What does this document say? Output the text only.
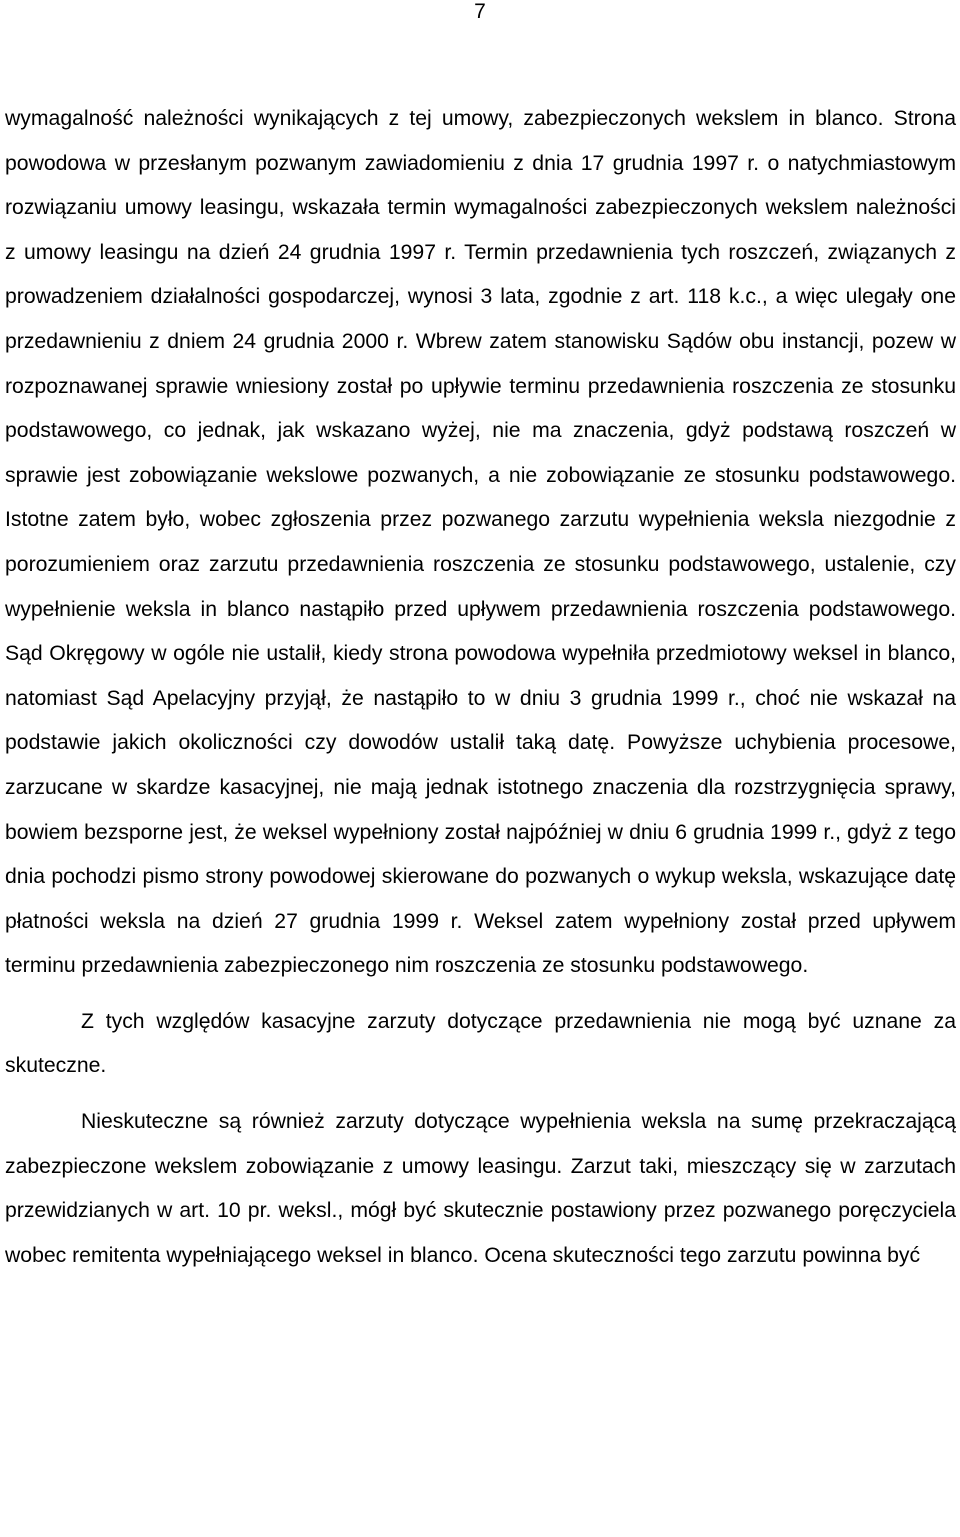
7

wymagalność należności wynikających z tej umowy, zabezpieczonych wekslem in blanco. Strona powodowa w przesłanym pozwanym zawiadomieniu z dnia 17 grudnia 1997 r. o natychmiastowym rozwiązaniu umowy leasingu, wskazała termin wymagalności zabezpieczonych wekslem należności z umowy leasingu na dzień 24 grudnia 1997 r. Termin przedawnienia tych roszczeń, związanych z prowadzeniem działalności gospodarczej, wynosi 3 lata, zgodnie z art. 118 k.c., a więc ulegały one przedawnieniu z dniem 24 grudnia 2000 r. Wbrew zatem stanowisku Sądów obu instancji, pozew w rozpoznawanej sprawie wniesiony został po upływie terminu przedawnienia roszczenia ze stosunku podstawowego, co jednak, jak wskazano wyżej, nie ma znaczenia, gdyż podstawą roszczeń w sprawie jest zobowiązanie wekslowe pozwanych, a nie zobowiązanie ze stosunku podstawowego. Istotne zatem było, wobec zgłoszenia przez pozwanego zarzutu wypełnienia weksla niezgodnie z porozumieniem oraz zarzutu przedawnienia roszczenia ze stosunku podstawowego, ustalenie, czy wypełnienie weksla in blanco nastąpiło przed upływem przedawnienia roszczenia podstawowego. Sąd Okręgowy w ogóle nie ustalił, kiedy strona powodowa wypełniła przedmiotowy weksel in blanco, natomiast Sąd Apelacyjny przyjął, że nastąpiło to w dniu 3 grudnia 1999 r., choć nie wskazał na podstawie jakich okoliczności czy dowodów ustalił taką datę. Powyższe uchybienia procesowe, zarzucane w skardze kasacyjnej, nie mają jednak istotnego znaczenia dla rozstrzygnięcia sprawy, bowiem bezsporne jest, że weksel wypełniony został najpóźniej w dniu 6 grudnia 1999 r., gdyż z tego dnia pochodzi pismo strony powodowej skierowane do pozwanych o wykup weksla, wskazujące datę płatności weksla na dzień 27 grudnia 1999 r. Weksel zatem wypełniony został przed upływem terminu przedawnienia zabezpieczonego nim roszczenia ze stosunku podstawowego.

Z tych względów kasacyjne zarzuty dotyczące przedawnienia nie mogą być uznane za skuteczne.

Nieskuteczne są również zarzuty dotyczące wypełnienia weksla na sumę przekraczającą zabezpieczone wekslem zobowiązanie z umowy leasingu. Zarzut taki, mieszczący się w zarzutach przewidzianych w art. 10 pr. weksl., mógł być skutecznie postawiony przez pozwanego poręczyciela wobec remitenta wypełniającego weksel in blanco. Ocena skuteczności tego zarzutu powinna być
